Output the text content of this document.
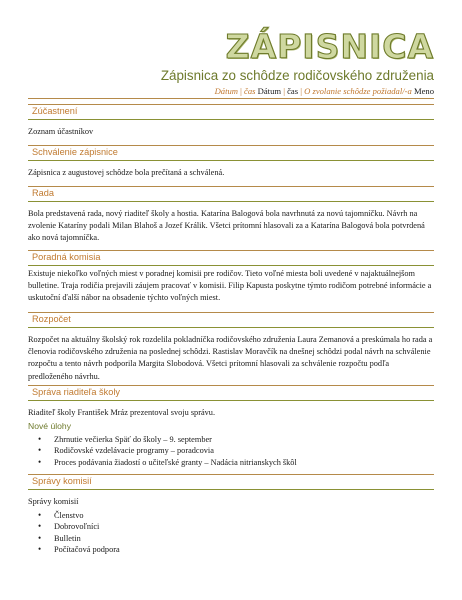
ZÁPISNICA
Zápisnica zo schôdze rodičovského združenia
Dátum | čas Dátum | čas | O zvolanie schôdze požiadal/-a Meno
Zúčastnení
Zoznam účastníkov
Schválenie zápisnice
Zápisnica z augustovej schôdze bola prečítaná a schválená.
Rada
Bola predstavená rada, nový riaditeľ školy a hostia. Katarína Balogová bola navrhnutá za novú tajomníčku. Návrh na zvolenie Kataríny podali Milan Blahoš a Jozef Králik. Všetci prítomní hlasovali za a Katarína Balogová bola potvrdená ako nová tajomníčka.
Poradná komisia
Existuje niekoľko voľných miest v poradnej komisii pre rodičov. Tieto voľné miesta boli uvedené v najaktuálnejšom bulletine. Traja rodičia prejavili záujem pracovať v komisii. Filip Kapusta poskytne týmto rodičom potrebné informácie a uskutoční ďalší nábor na obsadenie týchto voľných miest.
Rozpočet
Rozpočet na aktuálny školský rok rozdelila pokladníčka rodičovského združenia Laura Zemanová a preskúmala ho rada a členovia rodičovského združenia na poslednej schôdzi. Rastislav Moravčík na dnešnej schôdzi podal návrh na schválenie rozpočtu a tento návrh podporila Margita Slobodová. Všetci prítomní hlasovali za schválenie rozpočtu podľa predloženého návrhu.
Správa riaditeľa školy
Riaditeľ školy František Mráz prezentoval svoju správu.
Nové úlohy
• Zhrnutie večierka Späť do školy – 9. september
• Rodičovské vzdelávacie programy – poradcovia
• Proces podávania žiadostí o učiteľské granty – Nadácia nitrianskych škôl
Správy komisií
Správy komisií
• Členstvo
• Dobrovoľníci
• Bulletin
• Počítačová podpora
